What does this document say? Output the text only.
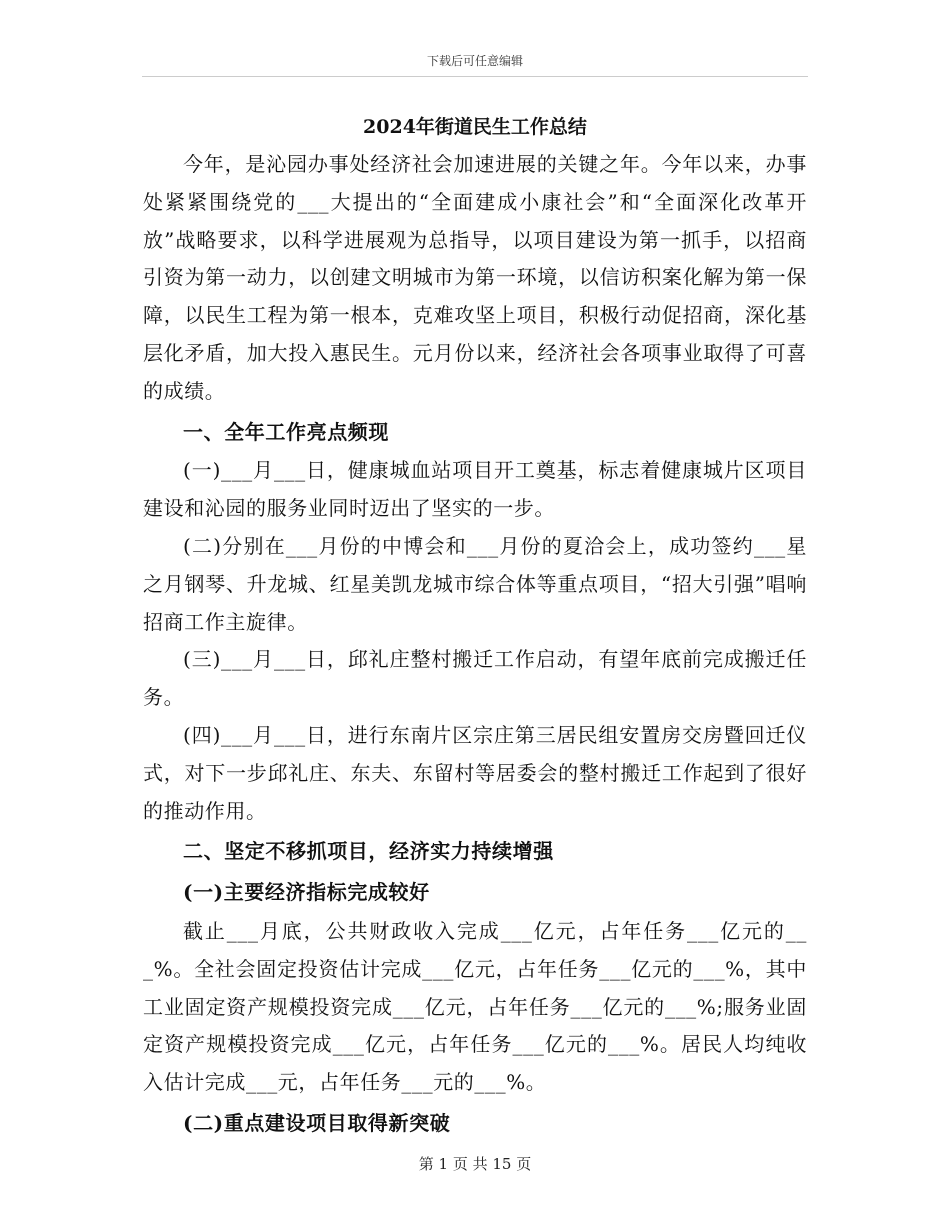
下载后可任意编辑
2024年街道民生工作总结

今年，是沁园办事处经济社会加速进展的关键之年。今年以来，办事处紧紧围绕党的___大提出的“全面建成小康社会”和“全面深化改革开放”战略要求，以科学进展观为总指导，以项目建设为第一抓手，以招商引资为第一动力，以创建文明城市为第一环境，以信访积案化解为第一保障，以民生工程为第一根本，克难攻坚上项目，积极行动促招商，深化基层化矛盾，加大投入惠民生。元月份以来，经济社会各项事业取得了可喜的成绩。

一、全年工作亮点频现

(一)___月___日，健康城血站项目开工奠基，标志着健康城片区项目建设和沁园的服务业同时迈出了坚实的一步。

(二)分别在___月份的中博会和___月份的夏洽会上，成功签约___星之月钢琴、升龙城、红星美凯龙城市综合体等重点项目，“招大引强”唱响招商工作主旋律。

(三)___月___日，邱礼庄整村搬迁工作启动，有望年底前完成搬迁任务。

(四)___月___日，进行东南片区宗庄第三居民组安置房交房暨回迁仪式，对下一步邱礼庄、东夫、东留村等居委会的整村搬迁工作起到了很好的推动作用。

二、坚定不移抓项目，经济实力持续增强

(一)主要经济指标完成较好

截止___月底，公共财政收入完成___亿元，占年任务___亿元的___%。全社会固定投资估计完成___亿元，占年任务___亿元的___%，其中工业固定资产规模投资完成___亿元，占年任务___亿元的___%;服务业固定资产规模投资完成___亿元，占年任务___亿元的___%。居民人均纯收入估计完成___元，占年任务___元的___%。

(二)重点建设项目取得新突破

第 1 页 共 15 页
